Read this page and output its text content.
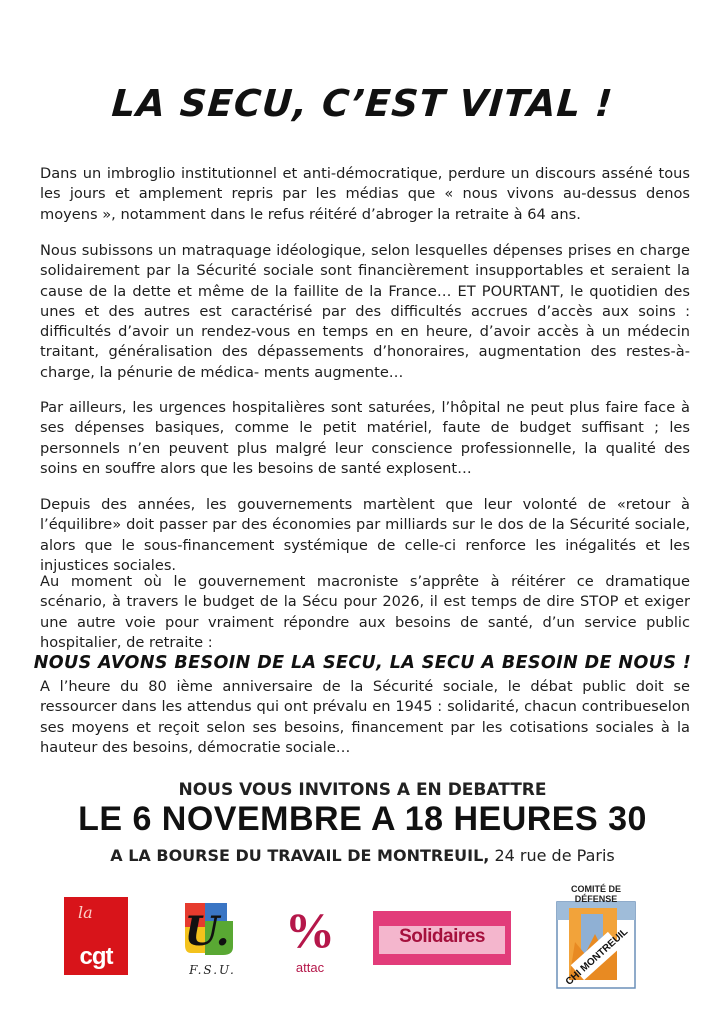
LA SECU, C’EST VITAL !

Dans un imbroglio institutionnel et anti-démocratique, perdure un discours asséné tous les jours et amplement repris par les médias que « nous vivons au-dessus denos moyens », notamment dans le refus réitéré d’abroger la retraite à 64 ans.

Nous subissons un matraquage idéologique, selon lesquelles dépenses prises en charge solidairement par la Sécurité sociale sont financièrement insupportables et seraient la cause de la dette et même de la faillite de la France… ET POURTANT, le quotidien des unes et des autres est caractérisé par des difficultés accrues d’accès aux soins : difficultés d’avoir un rendez-vous en temps en en heure, d’avoir accès à un médecin traitant, généralisation des dépassements d’honoraires, augmentation des restes-à-charge, la pénurie de médica- ments augmente…

Par ailleurs, les urgences hospitalières sont saturées, l’hôpital ne peut plus faire face à ses dépenses basiques, comme le petit matériel, faute de budget suffisant ; les personnels n’en peuvent plus malgré leur conscience professionnelle, la qualité des soins en souffre alors que les besoins de santé explosent…

Depuis des années, les gouvernements martèlent que leur volonté de «retour à l’équilibre» doit passer par des économies par milliards sur le dos de la Sécurité sociale, alors que le sous-financement systémique de celle-ci renforce les inégalités et les injustices sociales.

Au moment où le gouvernement macroniste s’apprête à réitérer ce dramatique scénario, à travers le budget de la Sécu pour 2026, il est temps de dire STOP et exiger une autre voie pour vraiment répondre aux besoins de santé, d’un service public hospitalier, de retraite :

NOUS AVONS BESOIN DE LA SECU, LA SECU A BESOIN DE NOUS !

A l’heure du 80 ième anniversaire de la Sécurité sociale, le débat public doit se ressourcer dans les attendus qui ont prévalu en 1945 : solidarité, chacun contribueselon ses moyens et reçoit selon ses besoins, financement par les cotisations sociales à la hauteur des besoins, démocratie sociale…

NOUS VOUS INVITONS A EN DEBATTRE
LE 6 NOVEMBRE A 18 HEURES 30
A LA BOURSE DU TRAVAIL DE MONTREUIL, 24 rue de Paris
la
cgt
U.
F.S.U.
%
attac
Solidaires
COMITÉ DE DÉFENSE
CHI MONTREUIL
